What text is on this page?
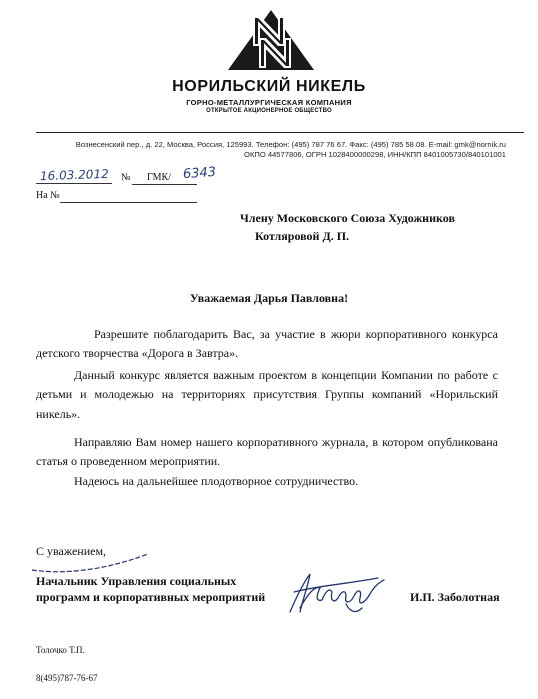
НОРИЛЬСКИЙ НИКЕЛЬ
ГОРНО-МЕТАЛЛУРГИЧЕСКАЯ КОМПАНИЯ
ОТКРЫТОЕ АКЦИОНЕРНОЕ ОБЩЕСТВО
Вознесенский пер., д. 22, Москва, Россия, 125993. Телефон: (495) 787 76 67. Факс: (495) 785 58 08. E-mail: gmk@nornik.ru
ОКПО 44577806, ОГРН 1028400000298, ИНН/КПП 8401005730/840101001
16.03.2012 № ГМК/ 6343
На №
Члену Московского Союза Художников
Котляровой Д. П.
Уважаемая Дарья Павловна!
Разрешите поблагодарить Вас, за участие в жюри корпоративного конкурса детского творчества «Дорога в Завтра».
Данный конкурс является важным проектом в концепции Компании по работе с детьми и молодежью на территориях присутствия Группы компаний «Норильский никель».
Направляю Вам номер нашего корпоративного журнала, в котором опубликована статья о проведенном мероприятии.
Надеюсь на дальнейшее плодотворное сотрудничество.
С уважением,
Начальник Управления социальных
программ и корпоративных мероприятий	И.П. Заболотная
Толочко Т.П.
8(495)787-76-67
